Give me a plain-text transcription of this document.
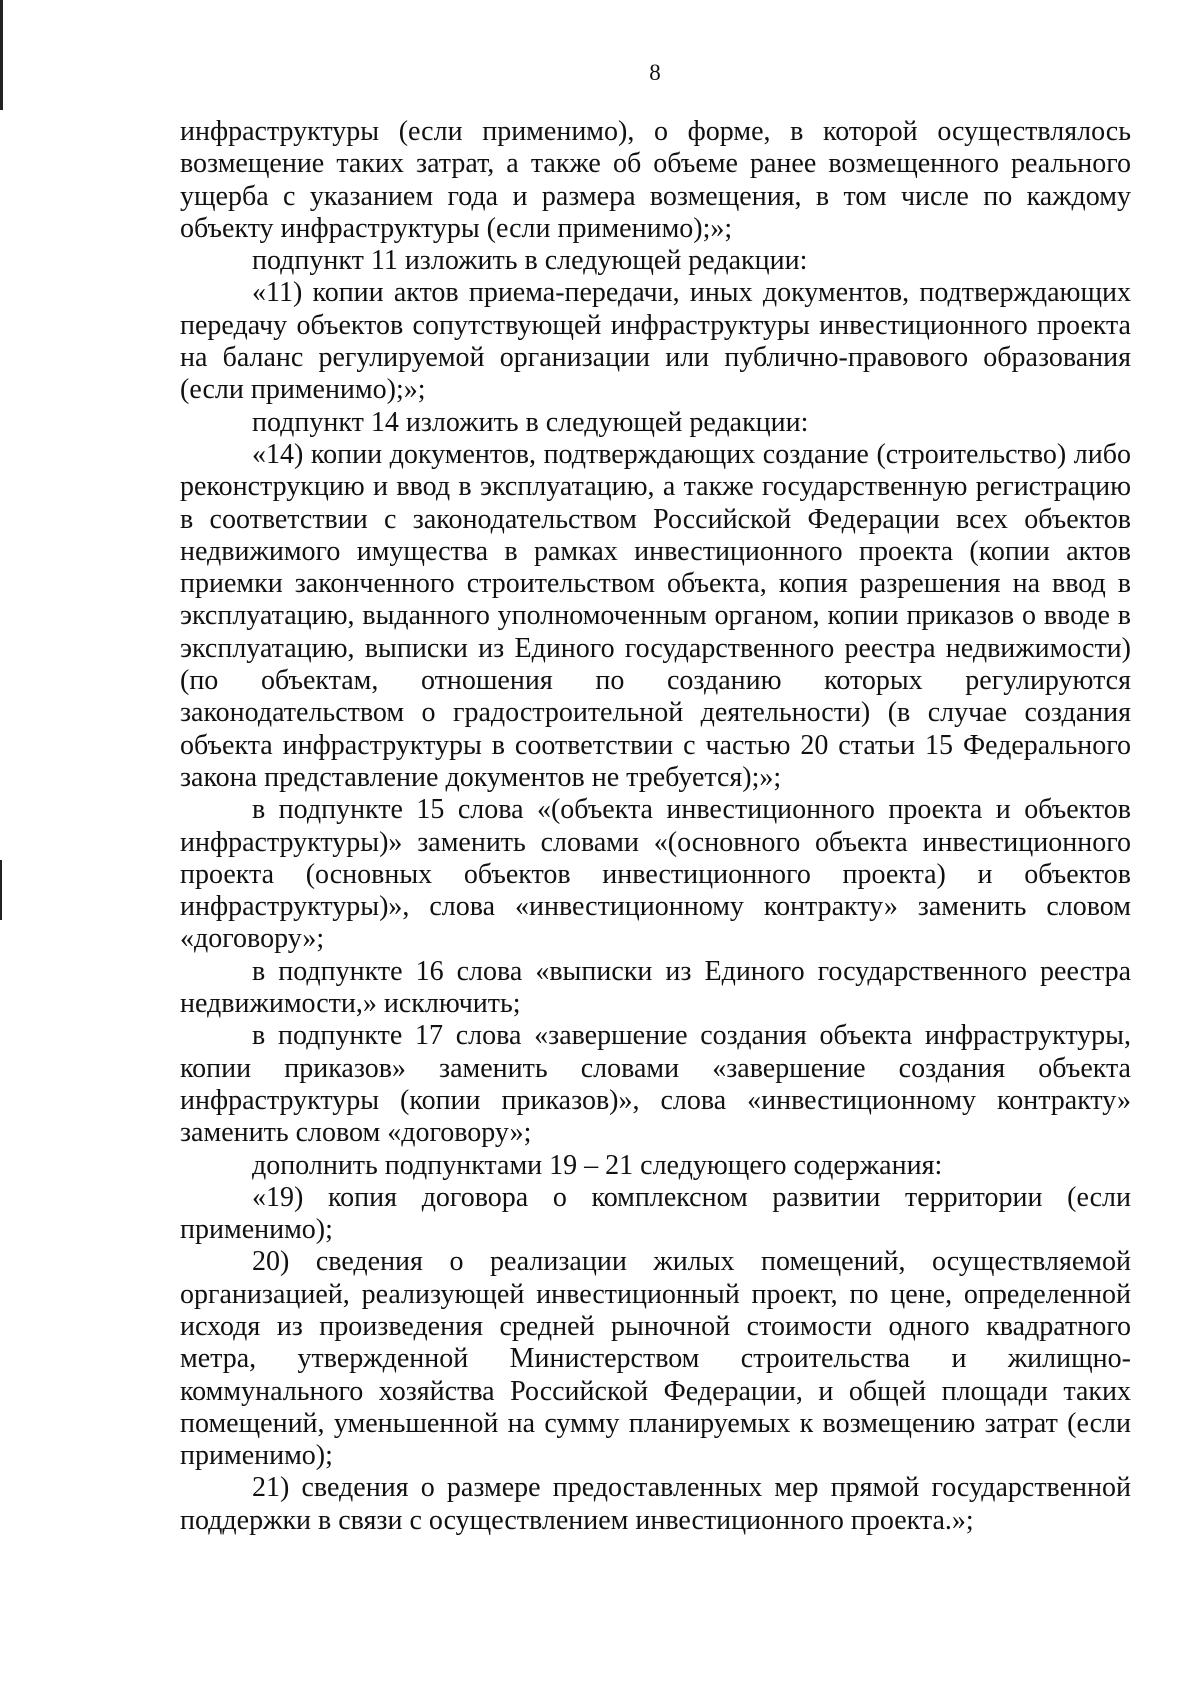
8

инфраструктуры (если применимо), о форме, в которой осуществлялось возмещение таких затрат, а также об объеме ранее возмещенного реального ущерба с указанием года и размера возмещения, в том числе по каждому объекту инфраструктуры (если применимо);»;

подпункт 11 изложить в следующей редакции:

«11) копии актов приема-передачи, иных документов, подтверждающих передачу объектов сопутствующей инфраструктуры инвестиционного проекта на баланс регулируемой организации или публично-правового образования (если применимо);»;

подпункт 14 изложить в следующей редакции:

«14) копии документов, подтверждающих создание (строительство) либо реконструкцию и ввод в эксплуатацию, а также государственную регистрацию в соответствии с законодательством Российской Федерации всех объектов недвижимого имущества в рамках инвестиционного проекта (копии актов приемки законченного строительством объекта, копия разрешения на ввод в эксплуатацию, выданного уполномоченным органом, копии приказов о вводе в эксплуатацию, выписки из Единого государственного реестра недвижимости) (по объектам, отношения по созданию которых регулируются законодательством о градостроительной деятельности) (в случае создания объекта инфраструктуры в соответствии с частью 20 статьи 15 Федерального закона представление документов не требуется);»;

в подпункте 15 слова «(объекта инвестиционного проекта и объектов инфраструктуры)» заменить словами «(основного объекта инвестиционного проекта (основных объектов инвестиционного проекта) и объектов инфраструктуры)», слова «инвестиционному контракту» заменить словом «договору»;

в подпункте 16 слова «выписки из Единого государственного реестра недвижимости,» исключить;

в подпункте 17 слова «завершение создания объекта инфраструктуры, копии приказов» заменить словами «завершение создания объекта инфраструктуры (копии приказов)», слова «инвестиционному контракту» заменить словом «договору»;

дополнить подпунктами 19 – 21 следующего содержания:

«19) копия договора о комплексном развитии территории (если применимо);

20) сведения о реализации жилых помещений, осуществляемой организацией, реализующей инвестиционный проект, по цене, определенной исходя из произведения средней рыночной стоимости одного квадратного метра, утвержденной Министерством строительства и жилищно-коммунального хозяйства Российской Федерации, и общей площади таких помещений, уменьшенной на сумму планируемых к возмещению затрат (если применимо);

21) сведения о размере предоставленных мер прямой государственной поддержки в связи с осуществлением инвестиционного проекта.»;
